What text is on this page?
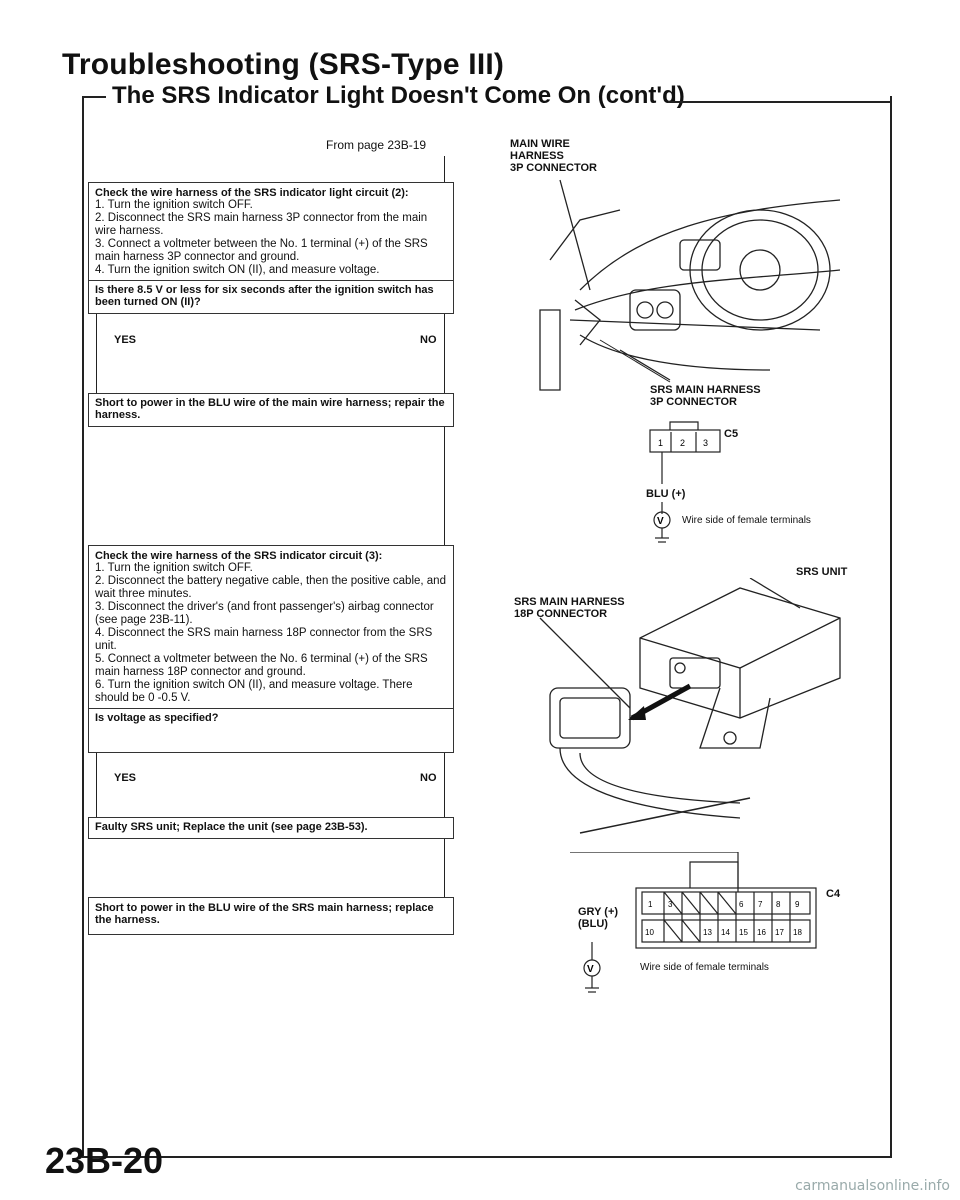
Troubleshooting (SRS-Type III)
The SRS Indicator Light Doesn't Come On (cont'd)
From page 23B-19
Check the wire harness of the SRS indicator light circuit (2):
1. Turn the ignition switch OFF.
2. Disconnect the SRS main harness 3P connector from the main wire harness.
3. Connect a voltmeter between the No. 1 terminal (+) of the SRS main harness 3P connector and ground.
4. Turn the ignition switch ON (II), and measure voltage.
Is there 8.5 V or less for six seconds after the ignition switch has been turned ON (II)?
YES	NO
Short to power in the BLU wire of the main wire harness; repair the harness.
Check the wire harness of the SRS indicator circuit (3):
1. Turn the ignition switch OFF.
2. Disconnect the battery negative cable, then the positive cable, and wait three minutes.
3. Disconnect the driver's (and front passenger's) airbag connector (see page 23B-11).
4. Disconnect the SRS main harness 18P connector from the SRS unit.
5. Connect a voltmeter between the No. 6 terminal (+) of the SRS main harness 18P connector and ground.
6. Turn the ignition switch ON (II), and measure voltage. There should be 0 -0.5 V.
Is voltage as specified?
YES	NO
Faulty SRS unit; Replace the unit (see page 23B-53).
Short to power in the BLU wire of the SRS main harness; replace the harness.
MAIN WIRE
HARNESS
3P CONNECTOR
SRS MAIN HARNESS
3P CONNECTOR
1 2 3
V
C5
BLU (+)
Wire side of female terminals
SRS UNIT
SRS MAIN HARNESS
18P CONNECTOR
1 3	6 7 8 9
10	13 14 15 16 17 18
V
C4
GRY (+)
(BLU)
Wire side of female terminals
23B-20
carmanualsonline.info
